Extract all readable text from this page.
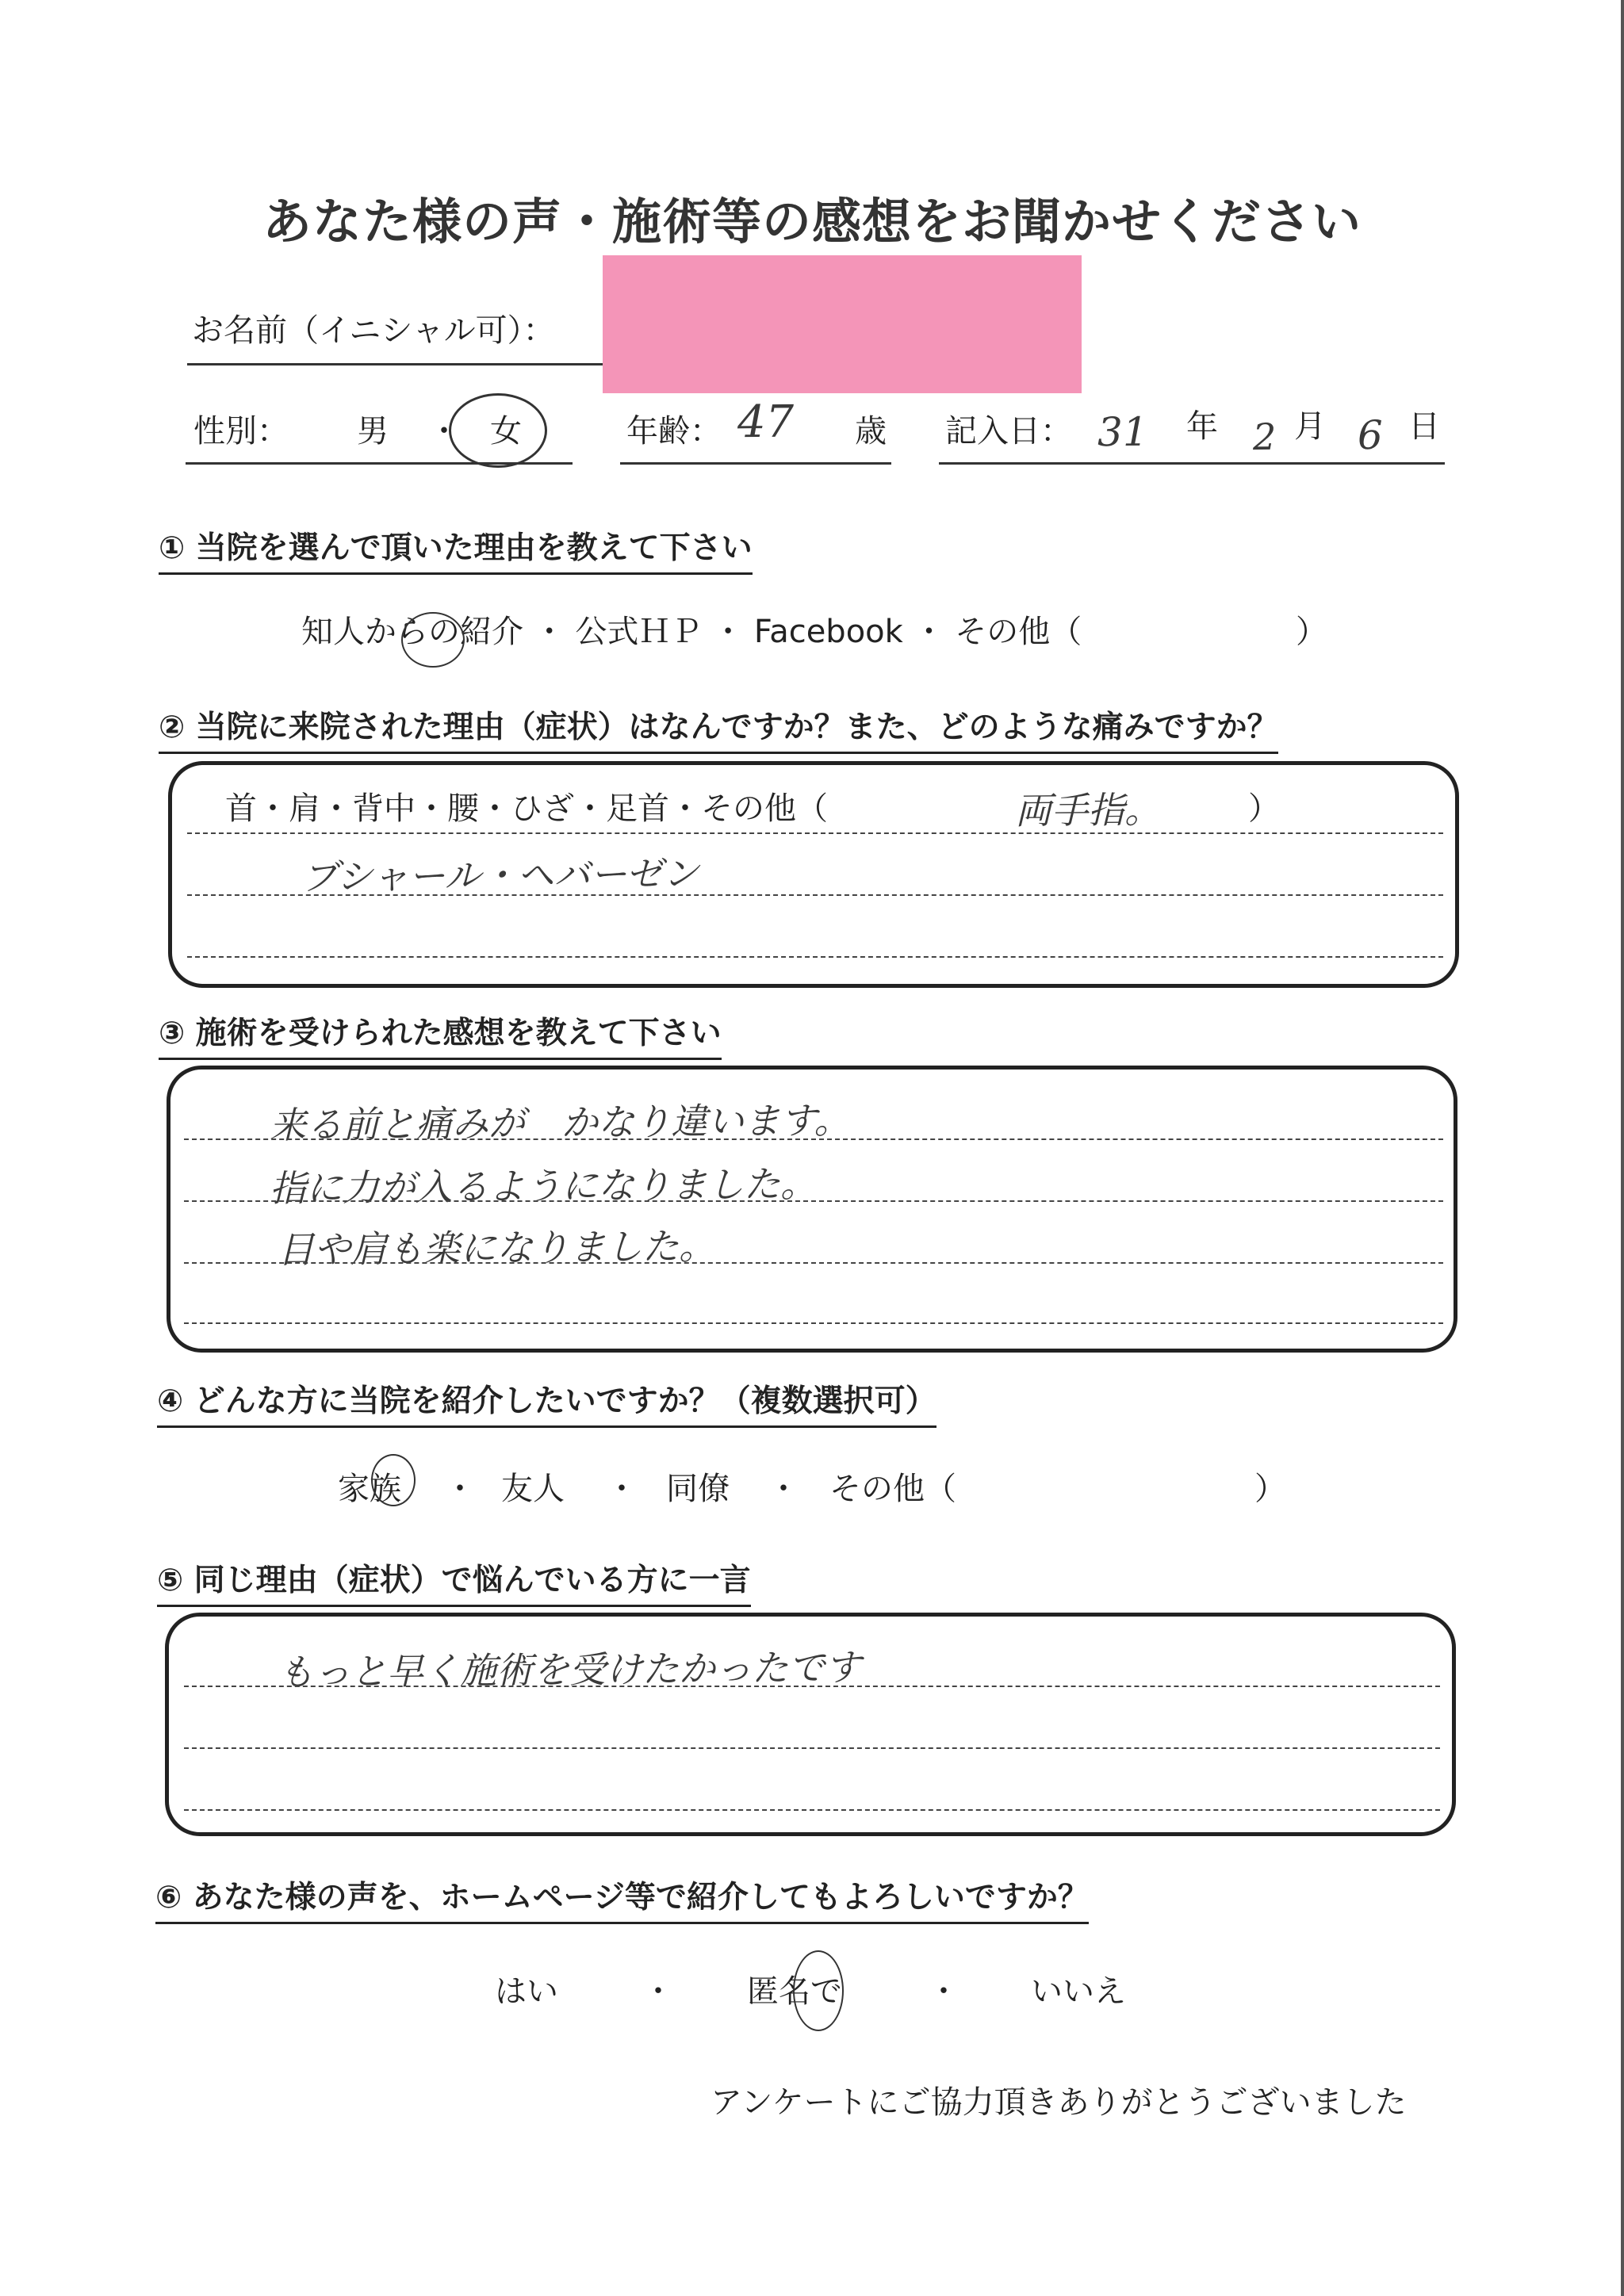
あなた様の声・施術等の感想をお聞かせください
お名前（イニシャル可）：
性別： 男 ・ 女	年齢： 47 歳 記入日： 31 年 2 月 6 日
① 当院を選んで頂いた理由を教えて下さい
知人からの紹介 ・ 公式ＨＰ ・ Facebook ・ その他（	）
② 当院に来院された理由（症状）はなんですか？また、どのような痛みですか？
首・肩・背中・腰・ひざ・足首・その他（	両手指。	）
ブシャール・ヘバーゼン
③ 施術を受けられた感想を教えて下さい
来る前と痛みが　かなり違います。
指に力が入るようになりました。
目や肩も楽になりました。
④ どんな方に当院を紹介したいですか？（複数選択可）
家族 ・ 友人 ・ 同僚 ・ その他（	）
⑤ 同じ理由（症状）で悩んでいる方に一言
もっと早く施術を受けたかったです
⑥ あなた様の声を、ホームページ等で紹介してもよろしいですか？
はい	・ 匿名で	・ いいえ
アンケートにご協力頂きありがとうございました
